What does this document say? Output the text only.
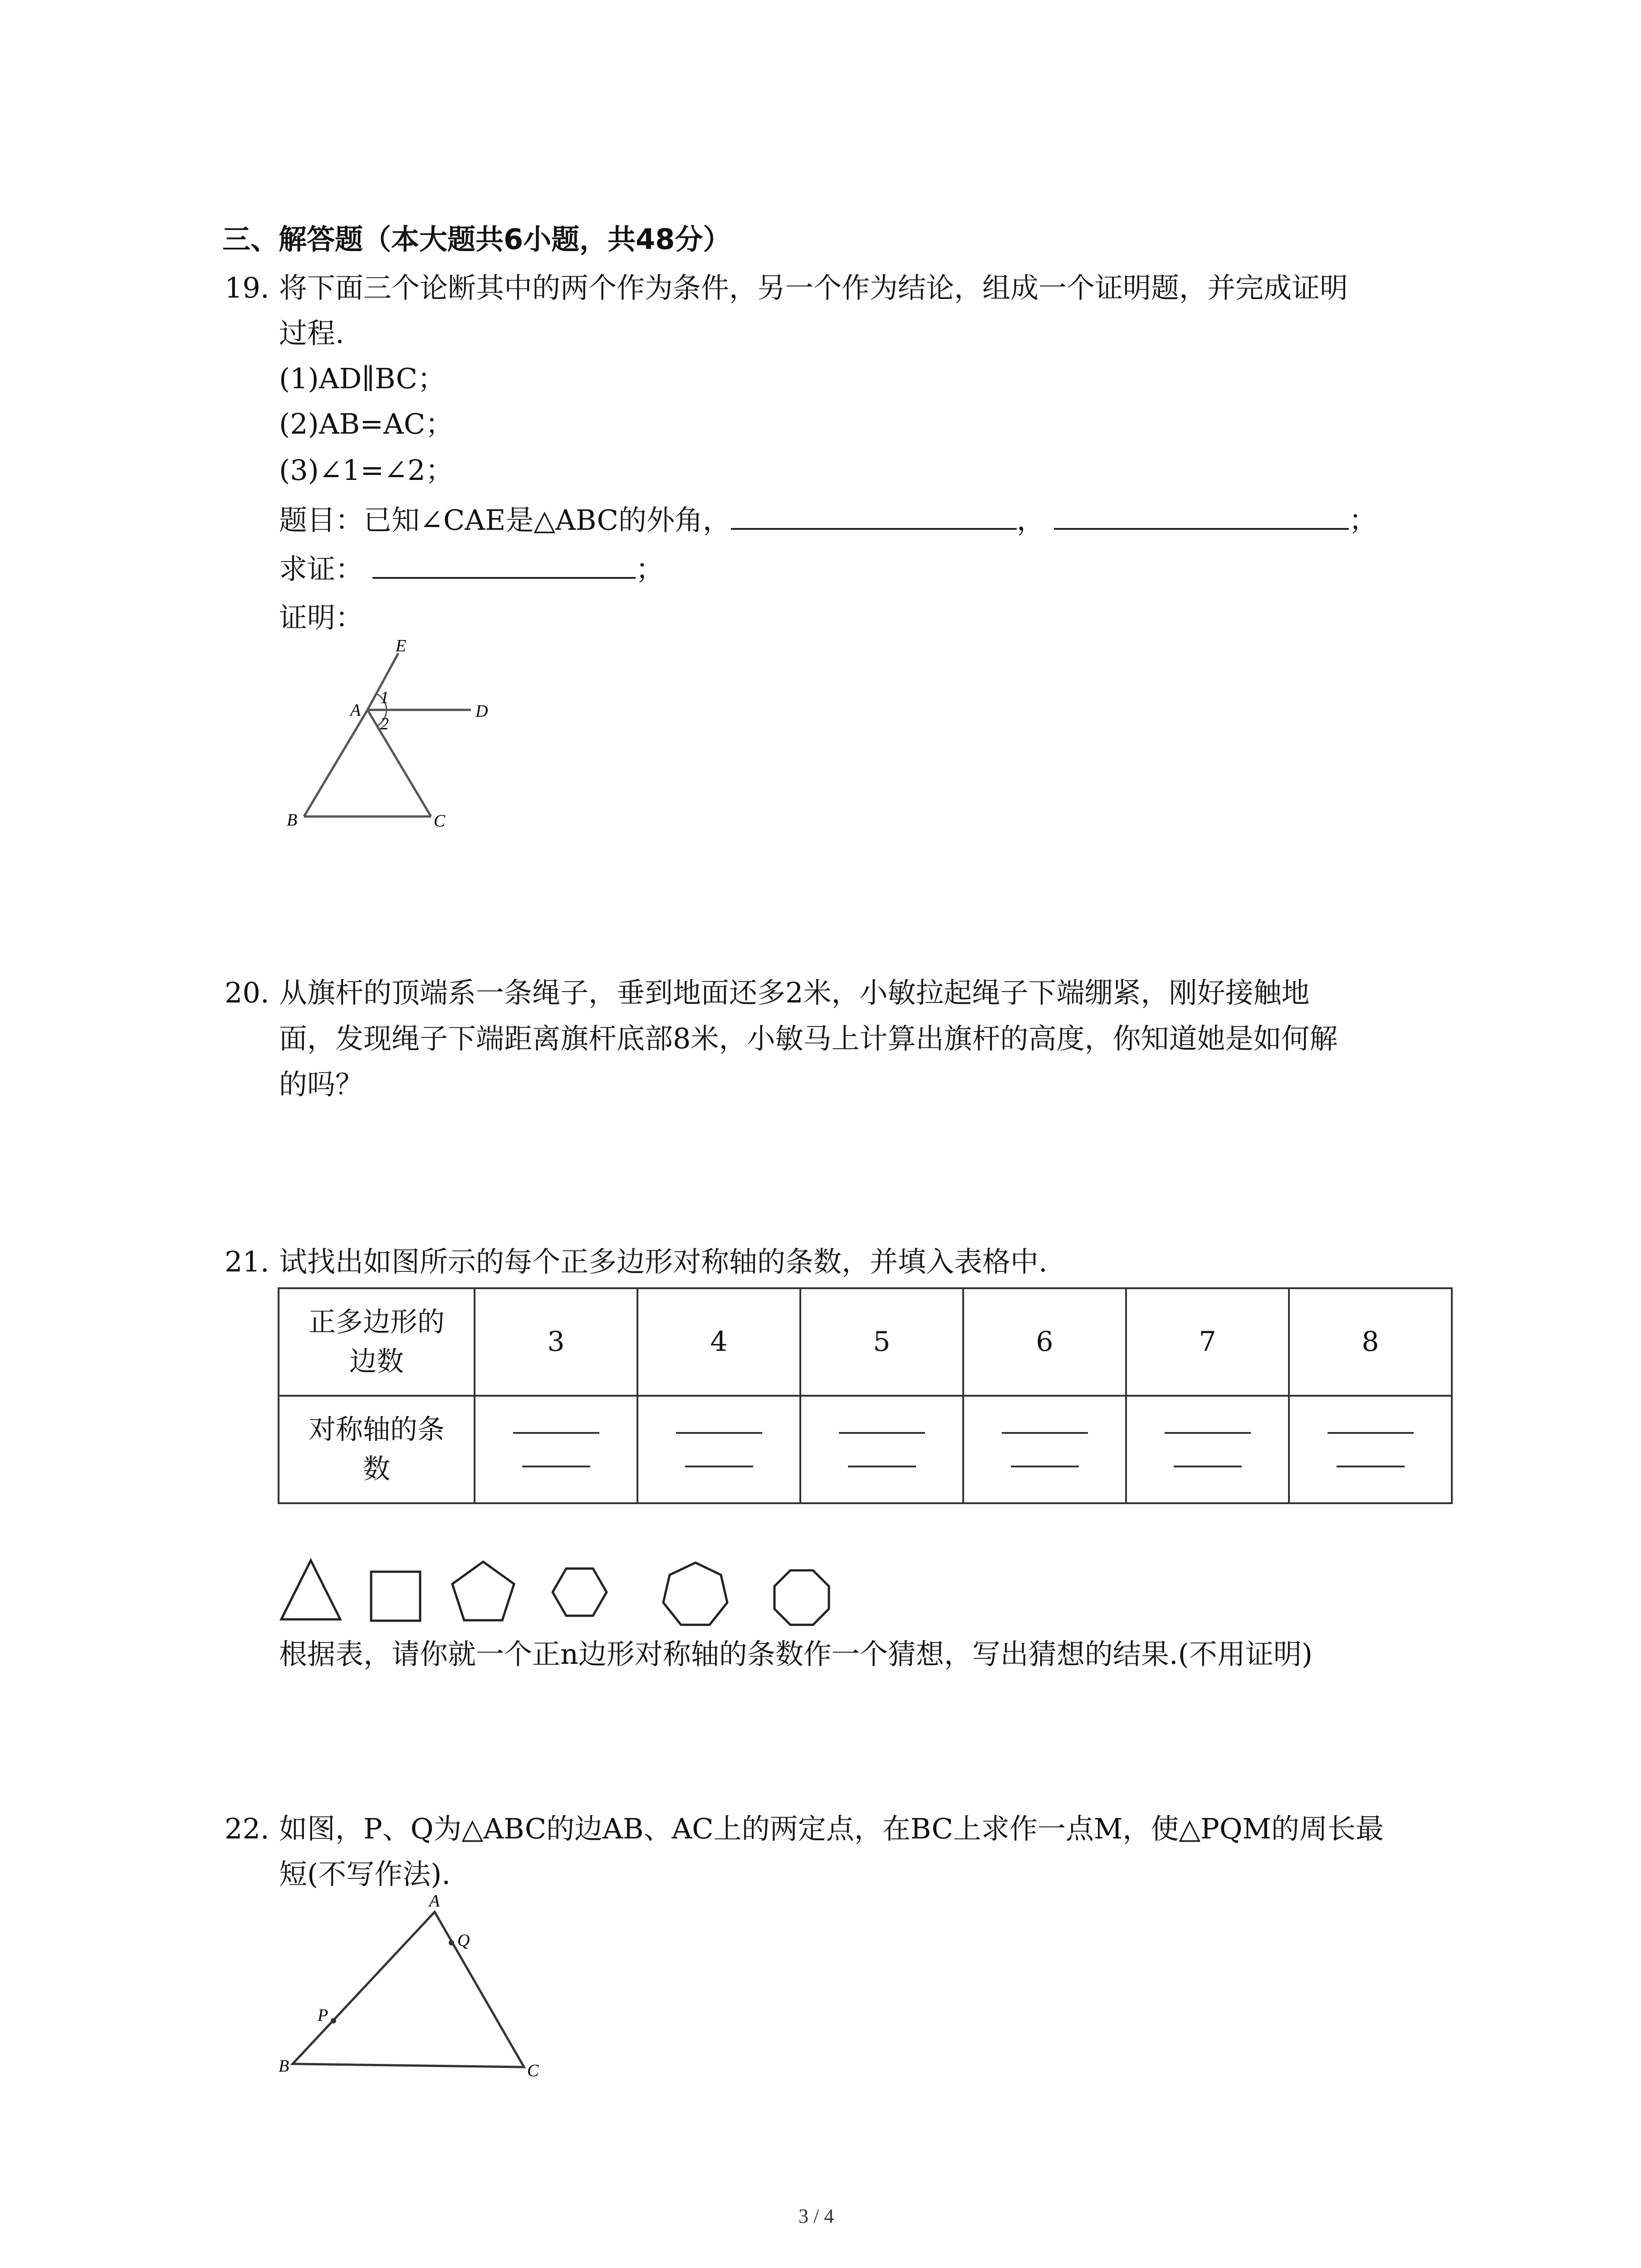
三、解答题（本大题共6小题，共48分）
19. 将下面三个论断其中的两个作为条件，另一个作为结论，组成一个证明题，并完成证明
过程.
(1)AD∥BC；
(2)AB=AC；
(3)∠1=∠2；
题目：已知∠CAE是△ABC的外角，	，	；
求证：	；
证明：
E
A
1
2
D
B	C
20. 从旗杆的顶端系一条绳子，垂到地面还多2米，小敏拉起绳子下端绷紧，刚好接触地
面，发现绳子下端距离旗杆底部8米，小敏马上计算出旗杆的高度，你知道她是如何解
的吗？
21. 试找出如图所示的每个正多边形对称轴的条数，并填入表格中.
正多边形的
边数	3	4	5	6	7	8

对称轴的条
数						

根据表，请你就一个正n边形对称轴的条数作一个猜想，写出猜想的结果.(不用证明)
22. 如图，P、Q为△ABC的边AB、AC上的两定点，在BC上求作一点M，使△PQM的周长最
短(不写作法).
A
Q
P
B	C
3 / 4
